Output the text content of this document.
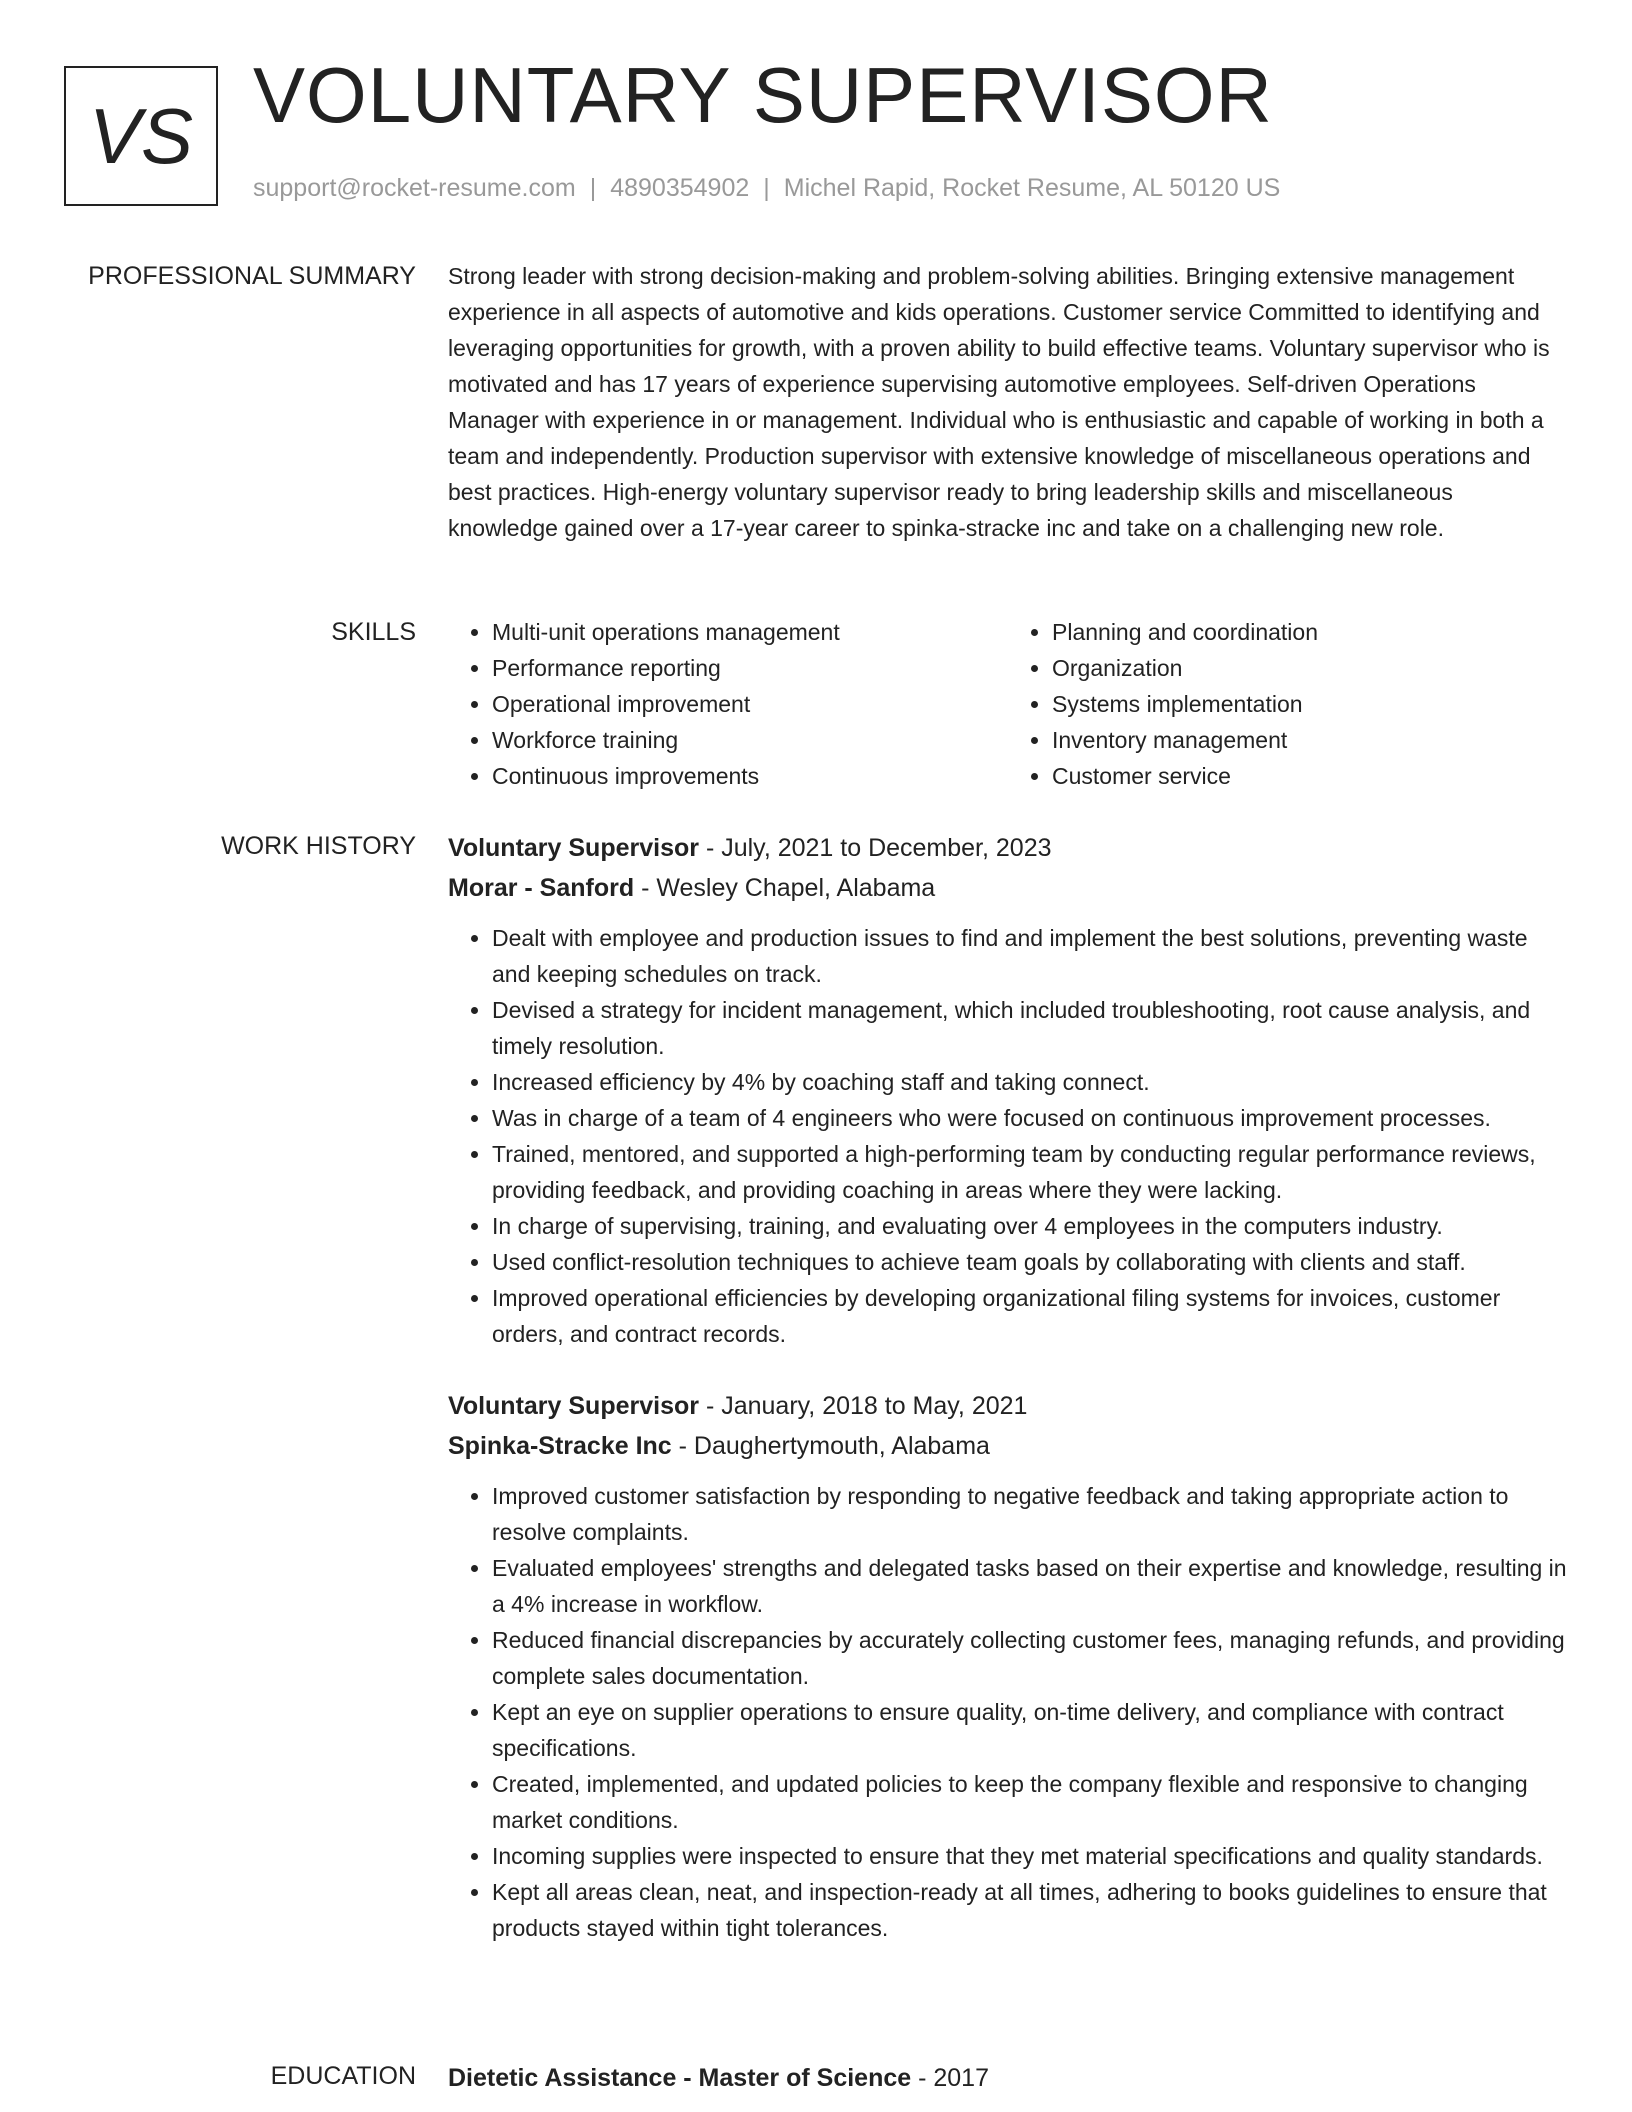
VS VOLUNTARY SUPERVISOR
support@rocket-resume.com | 4890354902 | Michel Rapid, Rocket Resume, AL 50120 US
PROFESSIONAL SUMMARY Strong leader with strong decision-making and problem-solving abilities. Bringing extensive management experience in all aspects of automotive and kids operations. Customer service Committed to identifying and leveraging opportunities for growth, with a proven ability to build effective teams. Voluntary supervisor who is motivated and has 17 years of experience supervising automotive employees. Self-driven Operations Manager with experience in or management. Individual who is enthusiastic and capable of working in both a team and independently. Production supervisor with extensive knowledge of miscellaneous operations and best practices. High-energy voluntary supervisor ready to bring leadership skills and miscellaneous knowledge gained over a 17-year career to spinka-stracke inc and take on a challenging new role.

SKILLS
•	Multi-unit operations management
• Performance reporting
• Operational improvement
• Workforce training
• Continuous improvements
• Planning and coordination
• Organization
• Systems implementation
• Inventory management
• Customer service
WORK HISTORY Voluntary Supervisor - July, 2021 to December, 2023
Morar - Sanford - Wesley Chapel, Alabama
• Dealt with employee and production issues to find and implement the best solutions, preventing waste and keeping schedules on track.
• Devised a strategy for incident management, which included troubleshooting, root cause analysis, and timely resolution.
• Increased efficiency by 4% by coaching staff and taking connect.
• Was in charge of a team of 4 engineers who were focused on continuous improvement processes.
• Trained, mentored, and supported a high-performing team by conducting regular performance reviews, providing feedback, and providing coaching in areas where they were lacking.
• In charge of supervising, training, and evaluating over 4 employees in the computers industry.
• Used conflict-resolution techniques to achieve team goals by collaborating with clients and staff.
• Improved operational efficiencies by developing organizational filing systems for invoices, customer orders, and contract records.
Voluntary Supervisor - January, 2018 to May, 2021
Spinka-Stracke Inc - Daughertymouth, Alabama
• Improved customer satisfaction by responding to negative feedback and taking appropriate action to resolve complaints.
• Evaluated employees' strengths and delegated tasks based on their expertise and knowledge, resulting in a 4% increase in workflow.
• Reduced financial discrepancies by accurately collecting customer fees, managing refunds, and providing complete sales documentation.
• Kept an eye on supplier operations to ensure quality, on-time delivery, and compliance with contract specifications.
• Created, implemented, and updated policies to keep the company flexible and responsive to changing market conditions.
• Incoming supplies were inspected to ensure that they met material specifications and quality standards.
• Kept all areas clean, neat, and inspection-ready at all times, adhering to books guidelines to ensure that products stayed within tight tolerances.
EDUCATION Dietetic Assistance - Master of Science - 2017
